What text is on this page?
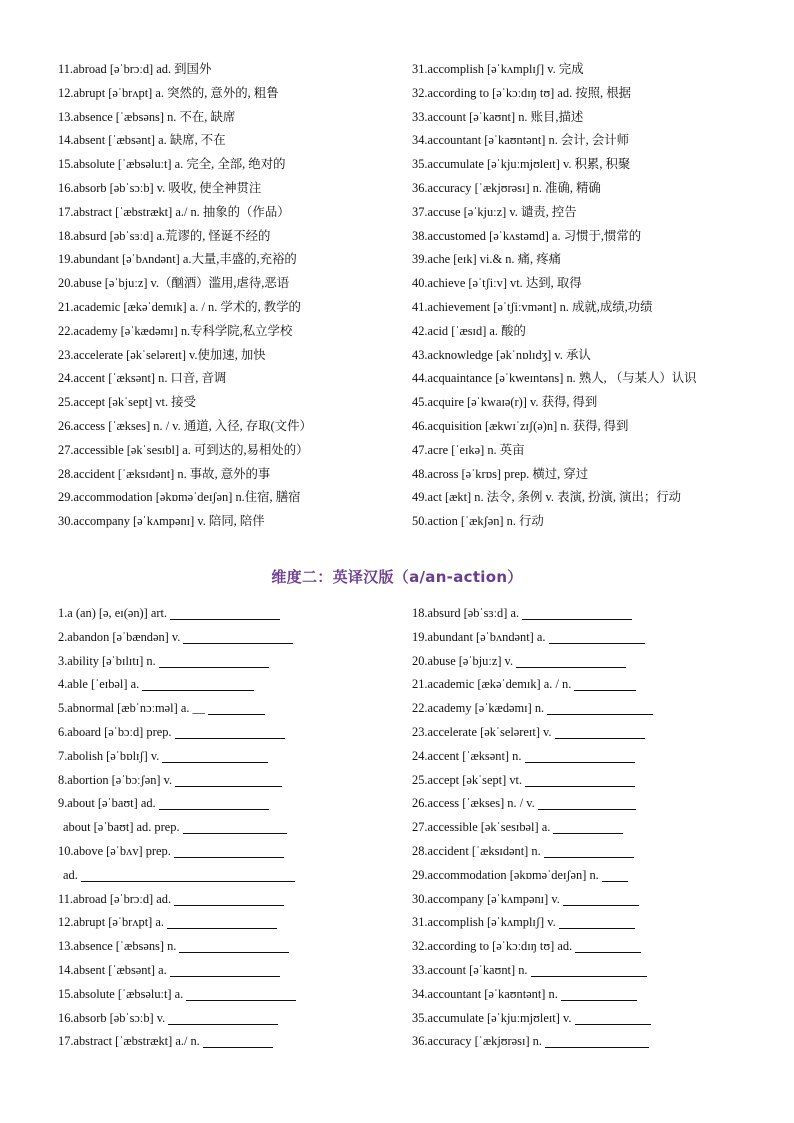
11.abroad [əˈbrɔːd] ad. 到国外
12.abrupt [əˈbrʌpt] a. 突然的, 意外的, 粗鲁
13.absence [ˈæbsəns] n. 不在, 缺席
14.absent [ˈæbsənt] a. 缺席, 不在
15.absolute [ˈæbsəluːt] a. 完全, 全部, 绝对的
16.absorb [əbˈsɔːb] v. 吸收, 使全神贯注
17.abstract [ˈæbstrækt] a./ n. 抽象的（作品）
18.absurd [əbˈsɜːd] a.荒谬的, 怪诞不经的
19.abundant [əˈbʌndənt] a.大量,丰盛的,充裕的
20.abuse [əˈbjuːz] v.（酗酒）滥用,虐待,恶语
21.academic [ækəˈdemɪk] a. / n. 学术的, 教学的
22.academy [əˈkædəmɪ] n.专科学院,私立学校
23.accelerate [əkˈseləreɪt] v.使加速, 加快
24.accent [ˈæksənt] n. 口音, 音调
25.accept [əkˈsept] vt. 接受
26.access [ˈækses] n. / v. 通道, 入径, 存取(文件）
27.accessible [əkˈsesɪbl] a. 可到达的,易相处的）
28.accident [ˈæksɪdənt] n. 事故, 意外的事
29.accommodation [əkɒməˈdeɪʃən] n.住宿, 膳宿
30.accompany [əˈkʌmpənɪ] v. 陪同, 陪伴
31.accomplish [əˈkʌmplɪʃ] v. 完成
32.according to [əˈkɔːdɪŋ tʊ] ad. 按照, 根据
33.account [əˈkaʊnt] n. 账目,描述
34.accountant [əˈkaʊntənt] n. 会计, 会计师
35.accumulate [əˈkjuːmjʊleɪt] v. 积累, 积聚
36.accuracy [ˈækjʊrəsɪ] n. 准确, 精确
37.accuse [əˈkjuːz] v. 谴责, 控告
38.accustomed [əˈkʌstəmd] a. 习惯于,惯常的
39.ache [eɪk] vi.& n. 痛, 疼痛
40.achieve [əˈtʃiːv] vt. 达到, 取得
41.achievement [əˈtʃiːvmənt] n. 成就,成绩,功绩
42.acid [ˈæsɪd] a. 酸的
43.acknowledge [əkˈnɒlɪdʒ] v. 承认
44.acquaintance [əˈkweɪntəns] n. 熟人, （与某人）认识
45.acquire [əˈkwaɪə(r)] v. 获得, 得到
46.acquisition [ækwɪˈzɪʃ(ə)n] n. 获得, 得到
47.acre [ˈeɪkə] n. 英亩
48.across [əˈkrɒs] prep. 横过, 穿过
49.act [ækt] n. 法令, 条例 v. 表演, 扮演, 演出；行动
50.action [ˈækʃən] n. 行动
维度二：英译汉版（a/an-action）
1.a (an) [ə, eɪ(ən)] art.
2.abandon [əˈbændən] v.
3.ability [əˈbɪlɪtɪ] n.
4.able [ˈeɪbəl] a.
5.abnormal [æbˈnɔːməl] a. __
6.aboard [əˈbɔːd] prep.
7.abolish [əˈbɒlɪʃ] v.
8.abortion [əˈbɔːʃən] v.
9.about [əˈbaʊt] ad.
about [əˈbaʊt] ad. prep.
10.above [əˈbʌv] prep.
ad.
11.abroad [əˈbrɔːd] ad.
12.abrupt [əˈbrʌpt] a.
13.absence [ˈæbsəns] n.
14.absent [ˈæbsənt] a.
15.absolute [ˈæbsəluːt] a.
16.absorb [əbˈsɔːb] v.
17.abstract [ˈæbstrækt] a./ n.
18.absurd [əbˈsɜːd] a.
19.abundant [əˈbʌndənt] a.
20.abuse [əˈbjuːz] v.
21.academic [ækəˈdemɪk] a. / n.
22.academy [əˈkædəmɪ] n.
23.accelerate [əkˈseləreɪt] v.
24.accent [ˈæksənt] n.
25.accept [əkˈsept] vt.
26.access [ˈækses] n. / v.
27.accessible [əkˈsesɪbəl] a.
28.accident [ˈæksɪdənt] n.
29.accommodation [əkɒməˈdeɪʃən] n.
30.accompany [əˈkʌmpənɪ] v.
31.accomplish [əˈkʌmplɪʃ] v.
32.according to [əˈkɔːdɪŋ tʊ] ad.
33.account [əˈkaʊnt] n.
34.accountant [əˈkaʊntənt] n.
35.accumulate [əˈkjuːmjʊleɪt] v.
36.accuracy [ˈækjʊrəsɪ] n.
